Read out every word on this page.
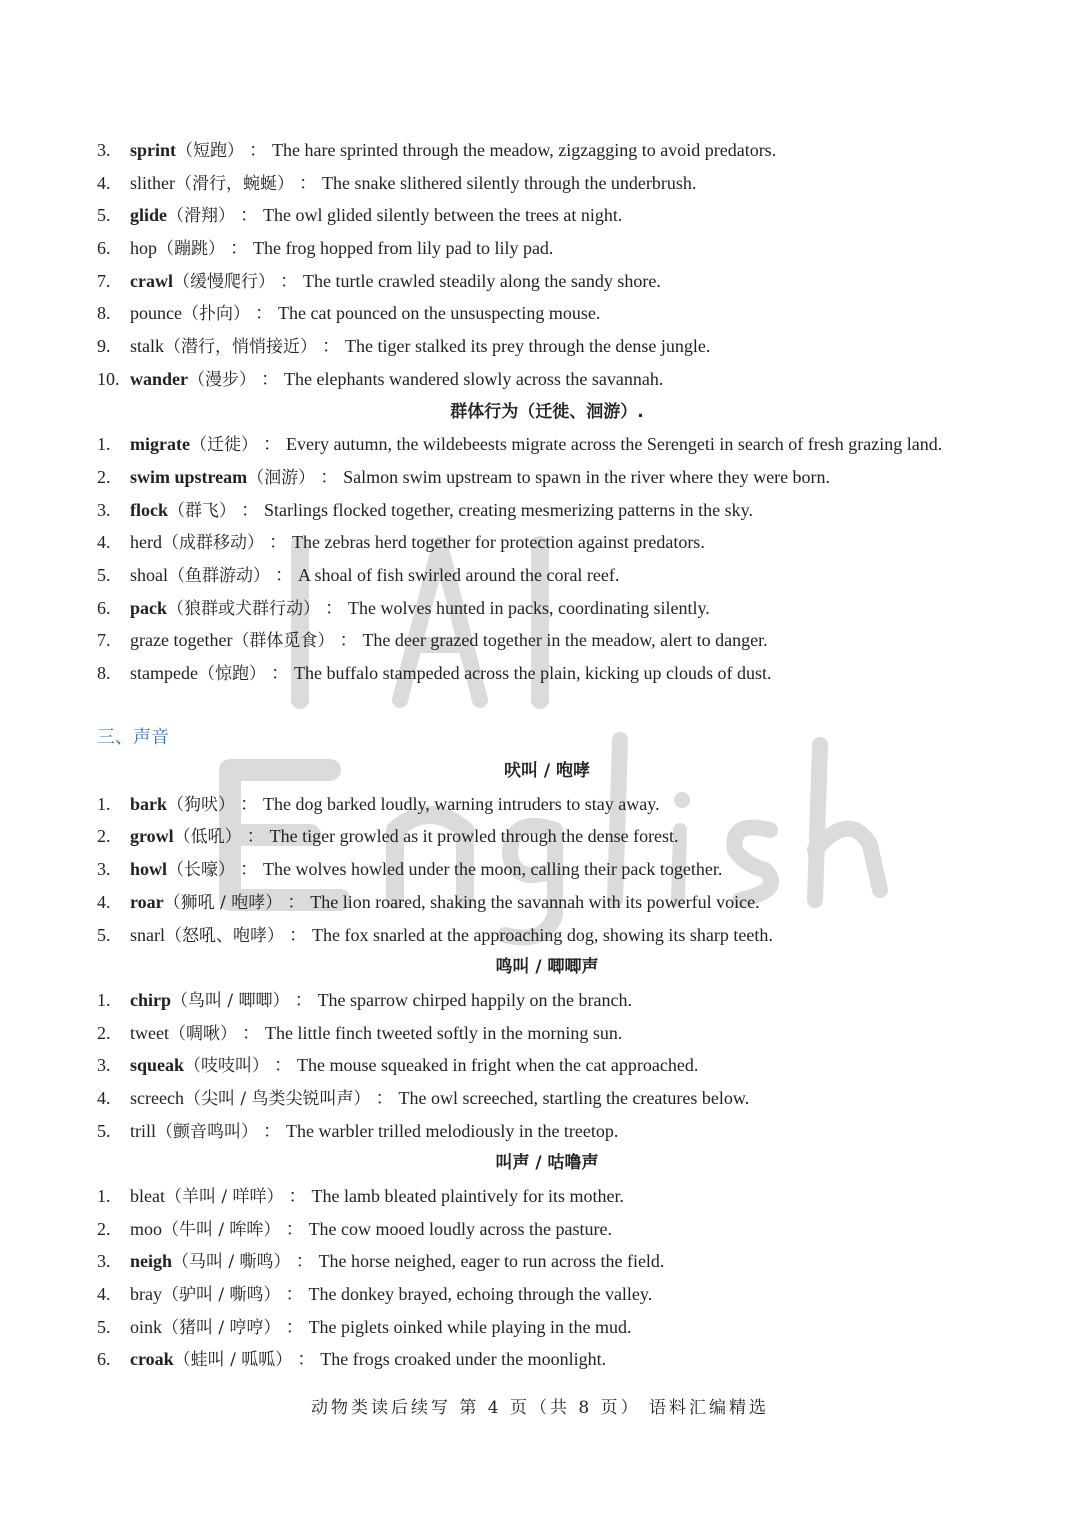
3. sprint（短跑） ： The hare sprinted through the meadow, zigzagging to avoid predators.
4. slither（滑行，蜿蜒） ： The snake slithered silently through the underbrush.
5. glide（滑翔） ： The owl glided silently between the trees at night.
6. hop（蹦跳） ： The frog hopped from lily pad to lily pad.
7. crawl（缓慢爬行） ： The turtle crawled steadily along the sandy shore.
8. pounce（扑向） ： The cat pounced on the unsuspecting mouse.
9. stalk（潜行，悄悄接近） ： The tiger stalked its prey through the dense jungle.
10. wander（漫步） ： The elephants wandered slowly across the savannah.
群体行为（迁徙、洄游）.
1. migrate（迁徙） ： Every autumn, the wildebeests migrate across the Serengeti in search of fresh grazing land.
2. swim upstream（洄游） ： Salmon swim upstream to spawn in the river where they were born.
3. flock（群飞） ： Starlings flocked together, creating mesmerizing patterns in the sky.
4. herd（成群移动） ： The zebras herd together for protection against predators.
5. shoal（鱼群游动） ： A shoal of fish swirled around the coral reef.
6. pack（狼群或犬群行动） ： The wolves hunted in packs, coordinating silently.
7. graze together（群体觅食） ： The deer grazed together in the meadow, alert to danger.
8. stampede（惊跑） ： The buffalo stampeded across the plain, kicking up clouds of dust.
三、声音
吠叫 / 咆哮
1. bark（狗吠） ： The dog barked loudly, warning intruders to stay away.
2. growl（低吼） ： The tiger growled as it prowled through the dense forest.
3. howl（长嚎） ： The wolves howled under the moon, calling their pack together.
4. roar（狮吼 / 咆哮） ： The lion roared, shaking the savannah with its powerful voice.
5. snarl（怒吼、咆哮） ： The fox snarled at the approaching dog, showing its sharp teeth.
鸣叫 / 唧唧声
1. chirp（鸟叫 / 唧唧） ： The sparrow chirped happily on the branch.
2. tweet（啁啾） ： The little finch tweeted softly in the morning sun.
3. squeak（吱吱叫） ： The mouse squeaked in fright when the cat approached.
4. screech（尖叫 / 鸟类尖锐叫声） ： The owl screeched, startling the creatures below.
5. trill（颤音鸣叫） ： The warbler trilled melodiously in the treetop.
叫声 / 咕噜声
1. bleat（羊叫 / 咩咩） ： The lamb bleated plaintively for its mother.
2. moo（牛叫 / 哞哞） ： The cow mooed loudly across the pasture.
3. neigh（马叫 / 嘶鸣） ： The horse neighed, eager to run across the field.
4. bray（驴叫 / 嘶鸣） ： The donkey brayed, echoing through the valley.
5. oink（猪叫 / 哼哼） ： The piglets oinked while playing in the mud.
6. croak（蛙叫 / 呱呱） ： The frogs croaked under the moonlight.
动物类读后续写 第 4 页（共 8 页） 语料汇编精选
